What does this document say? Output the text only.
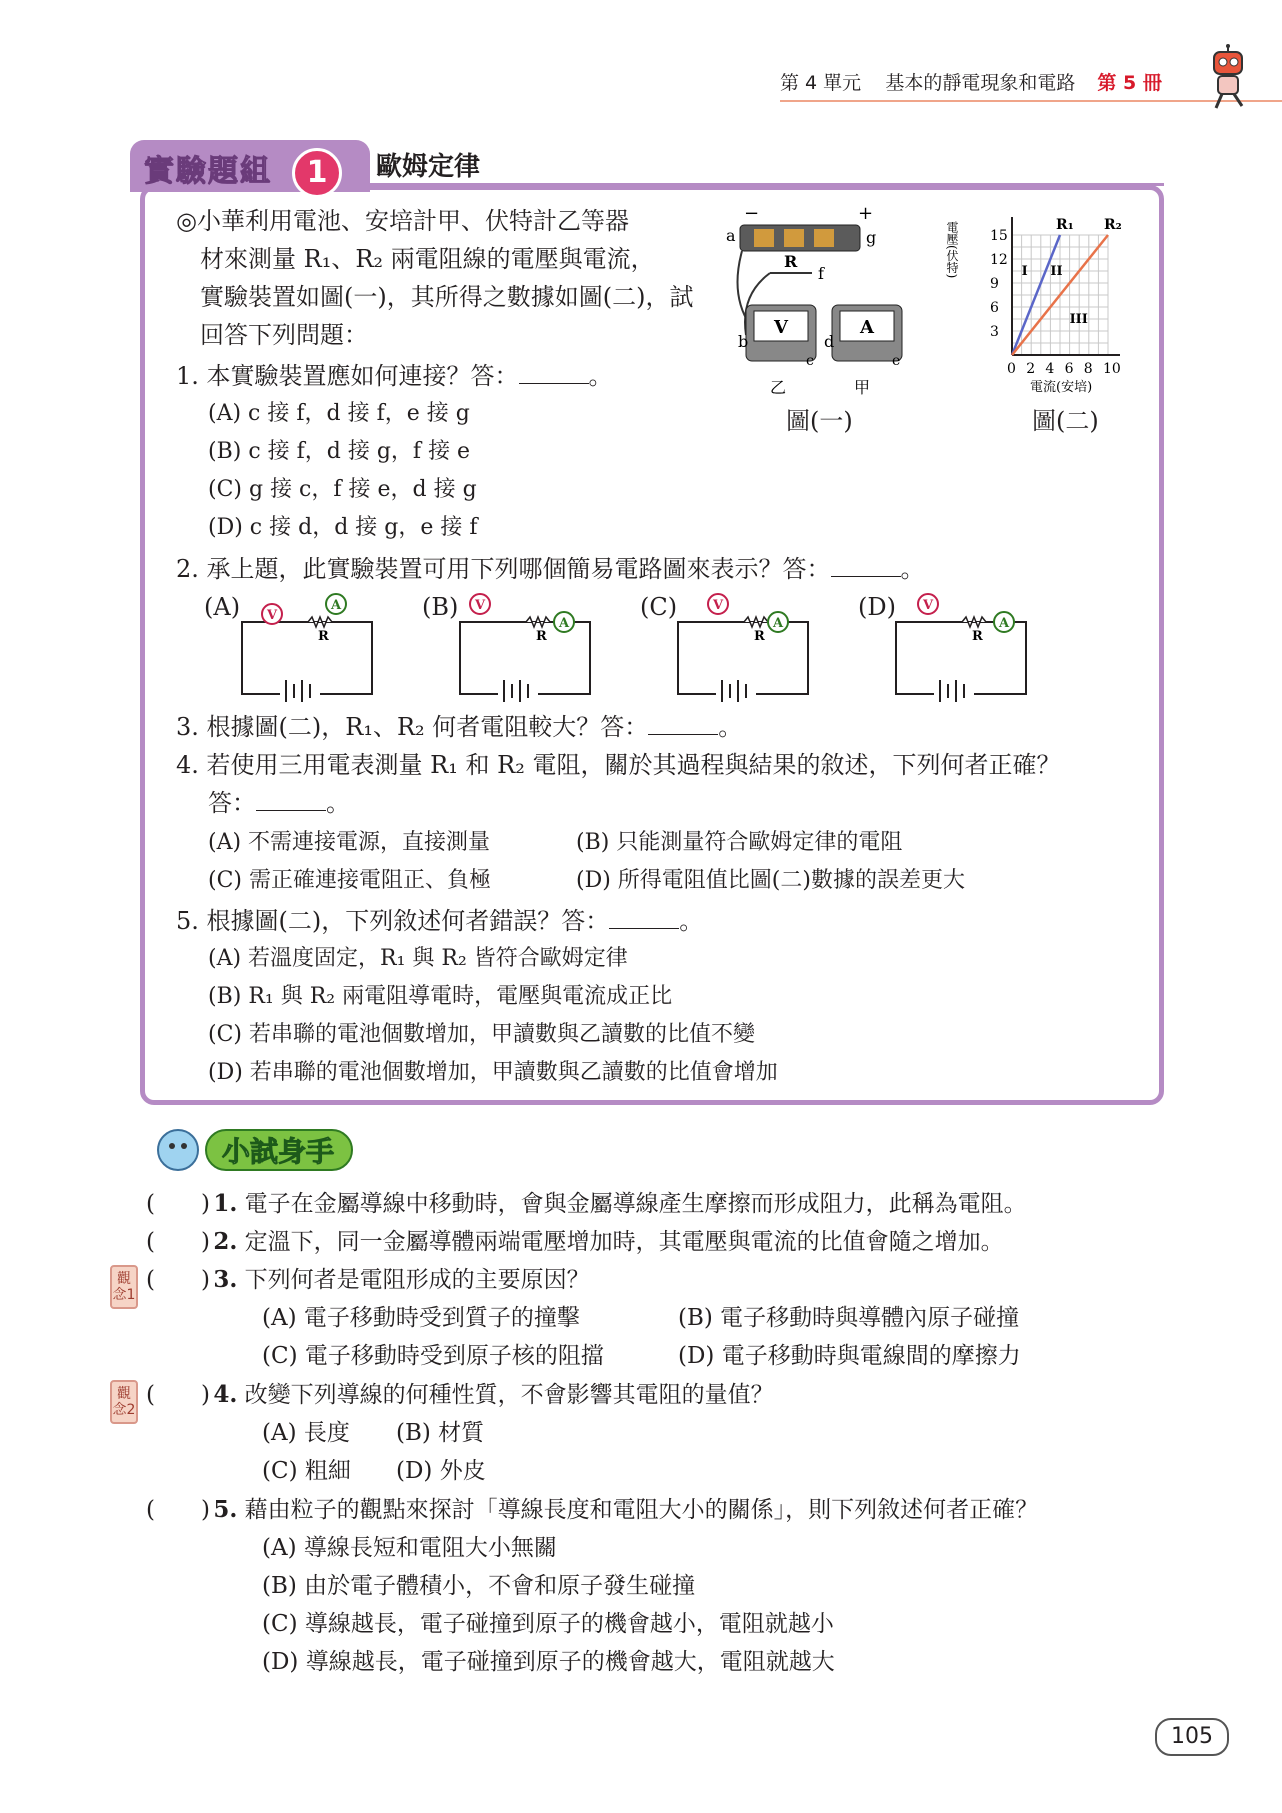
第 4 單元 基本的靜電現象和電路 第 5 冊
實驗題組	1	歐姆定律
◎小華利用電池、安培計甲、伏特計乙等器
材來測量 R₁、R₂ 兩電阻線的電壓與電流，
實驗裝置如圖(一)，其所得之數據如圖(二)，試
回答下列問題：
−	+
a	g
R
f
V	A
b
c
d
e
乙	甲
圖(一)
電壓(伏特)
0 2 4 6 8 10
3
6
9
12
15
R₁ R₂
I II
III
電流(安培)
圖(二)
1. 本實驗裝置應如何連接？答：	。
(A) c 接 f，d 接 f，e 接 g
(B) c 接 f，d 接 g，f 接 e
(C) g 接 c，f 接 e，d 接 g
(D) c 接 d，d 接 g，e 接 f
2. 承上題，此實驗裝置可用下列哪個簡易電路圖來表示？答：	。
(A)	(B)	(C)	(D)
3. 根據圖(二)，R₁、R₂ 何者電阻較大？答：	。
4. 若使用三用電表測量 R₁ 和 R₂ 電阻，關於其過程與結果的敘述，下列何者正確？
答：	。
(A) 不需連接電源，直接測量	(B) 只能測量符合歐姆定律的電阻
(C) 需正確連接電阻正、負極	(D) 所得電阻值比圖(二)數據的誤差更大
5. 根據圖(二)，下列敘述何者錯誤？答：	。
(A) 若溫度固定，R₁ 與 R₂ 皆符合歐姆定律
(B) R₁ 與 R₂ 兩電阻導電時，電壓與電流成正比
(C) 若串聯的電池個數增加，甲讀數與乙讀數的比值不變
(D) 若串聯的電池個數增加，甲讀數與乙讀數的比值會增加
小試身手
(　　) 1. 電子在金屬導線中移動時，會與金屬導線產生摩擦而形成阻力，此稱為電阻。
(　　) 2. 定溫下，同一金屬導體兩端電壓增加時，其電壓與電流的比值會隨之增加。
(　　) 3. 下列何者是電阻形成的主要原因？
觀念1
(A) 電子移動時受到質子的撞擊	(B) 電子移動時與導體內原子碰撞
(C) 電子移動時受到原子核的阻擋	(D) 電子移動時與電線間的摩擦力
(　　) 4. 改變下列導線的何種性質，不會影響其電阻的量值？
觀念2
(A) 長度 (B) 材質
(C) 粗細 (D) 外皮
(　　) 5. 藉由粒子的觀點來探討「導線長度和電阻大小的關係」，則下列敘述何者正確？
(A) 導線長短和電阻大小無關
(B) 由於電子體積小，不會和原子發生碰撞
(C) 導線越長，電子碰撞到原子的機會越小，電阻就越小
(D) 導線越長，電子碰撞到原子的機會越大，電阻就越大
105
R
V
A
R
V
A
R
V
A
R
V
A
